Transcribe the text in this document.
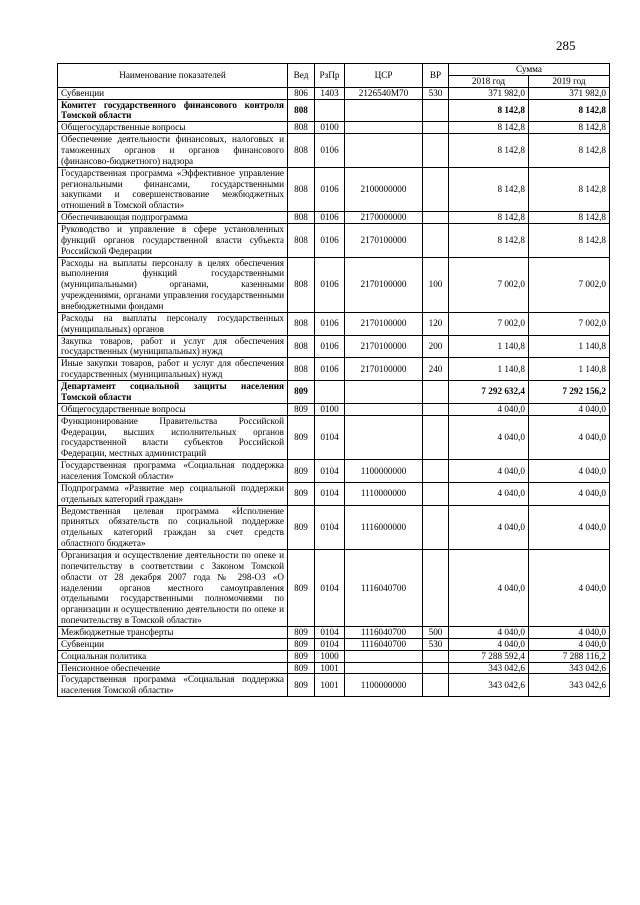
285
Наименование показателей	Вед	РзПр	ЦСР	ВР	Сумма	
					2018 год	2019 год
Субвенции	806	1403	2126540M70	530	371 982,0	371 982,0
Комитет государственного финансового контроля Томской области	808				8 142,8	8 142,8
Общегосударственные вопросы	808	0100			8 142,8	8 142,8
Обеспечение деятельности финансовых, налоговых и таможенных органов и органов финансового (финансово-бюджетного) надзора	808	0106			8 142,8	8 142,8
Государственная программа «Эффективное управление региональными финансами, государственными закупками и совершенствование межбюджетных отношений в Томской области»	808	0106	2100000000		8 142,8	8 142,8
Обеспечивающая подпрограмма	808	0106	2170000000		8 142,8	8 142,8
Руководство и управление в сфере установленных функций органов государственной власти субъекта Российской Федерации	808	0106	2170100000		8 142,8	8 142,8
Расходы на выплаты персоналу в целях обеспечения выполнения функций государственными (муниципальными) органами, казенными учреждениями, органами управления государственными внебюджетными фондами	808	0106	2170100000	100	7 002,0	7 002,0
Расходы на выплаты персоналу государственных (муниципальных) органов	808	0106	2170100000	120	7 002,0	7 002,0
Закупка товаров, работ и услуг для обеспечения государственных (муниципальных) нужд	808	0106	2170100000	200	1 140,8	1 140,8
Иные закупки товаров, работ и услуг для обеспечения государственных (муниципальных) нужд	808	0106	2170100000	240	1 140,8	1 140,8
Департамент социальной защиты населения Томской области	809				7 292 632,4	7 292 156,2
Общегосударственные вопросы	809	0100			4 040,0	4 040,0
Функционирование Правительства Российской Федерации, высших исполнительных органов государственной власти субъектов Российской Федерации, местных администраций	809	0104			4 040,0	4 040,0
Государственная программа «Социальная поддержка населения Томской области»	809	0104	1100000000		4 040,0	4 040,0
Подпрограмма «Развитие мер социальной поддержки отдельных категорий граждан»	809	0104	1110000000		4 040,0	4 040,0
Ведомственная целевая программа «Исполнение принятых обязательств по социальной поддержке отдельных категорий граждан за счет средств областного бюджета»	809	0104	1116000000		4 040,0	4 040,0
Организация и осуществление деятельности по опеке и попечительству в соответствии с Законом Томской области от 28 декабря 2007 года № 298-ОЗ «О наделении органов местного самоуправления отдельными государственными полномочиями по организации и осуществлению деятельности по опеке и попечительству в Томской области»	809	0104	1116040700		4 040,0	4 040,0
Межбюджетные трансферты	809	0104	1116040700	500	4 040,0	4 040,0
Субвенции	809	0104	1116040700	530	4 040,0	4 040,0
Социальная политика	809	1000			7 288 592,4	7 288 116,2
Пенсионное обеспечение	809	1001			343 042,6	343 042,6
Государственная программа «Социальная поддержка населения Томской области»	809	1001	1100000000		343 042,6	343 042,6
